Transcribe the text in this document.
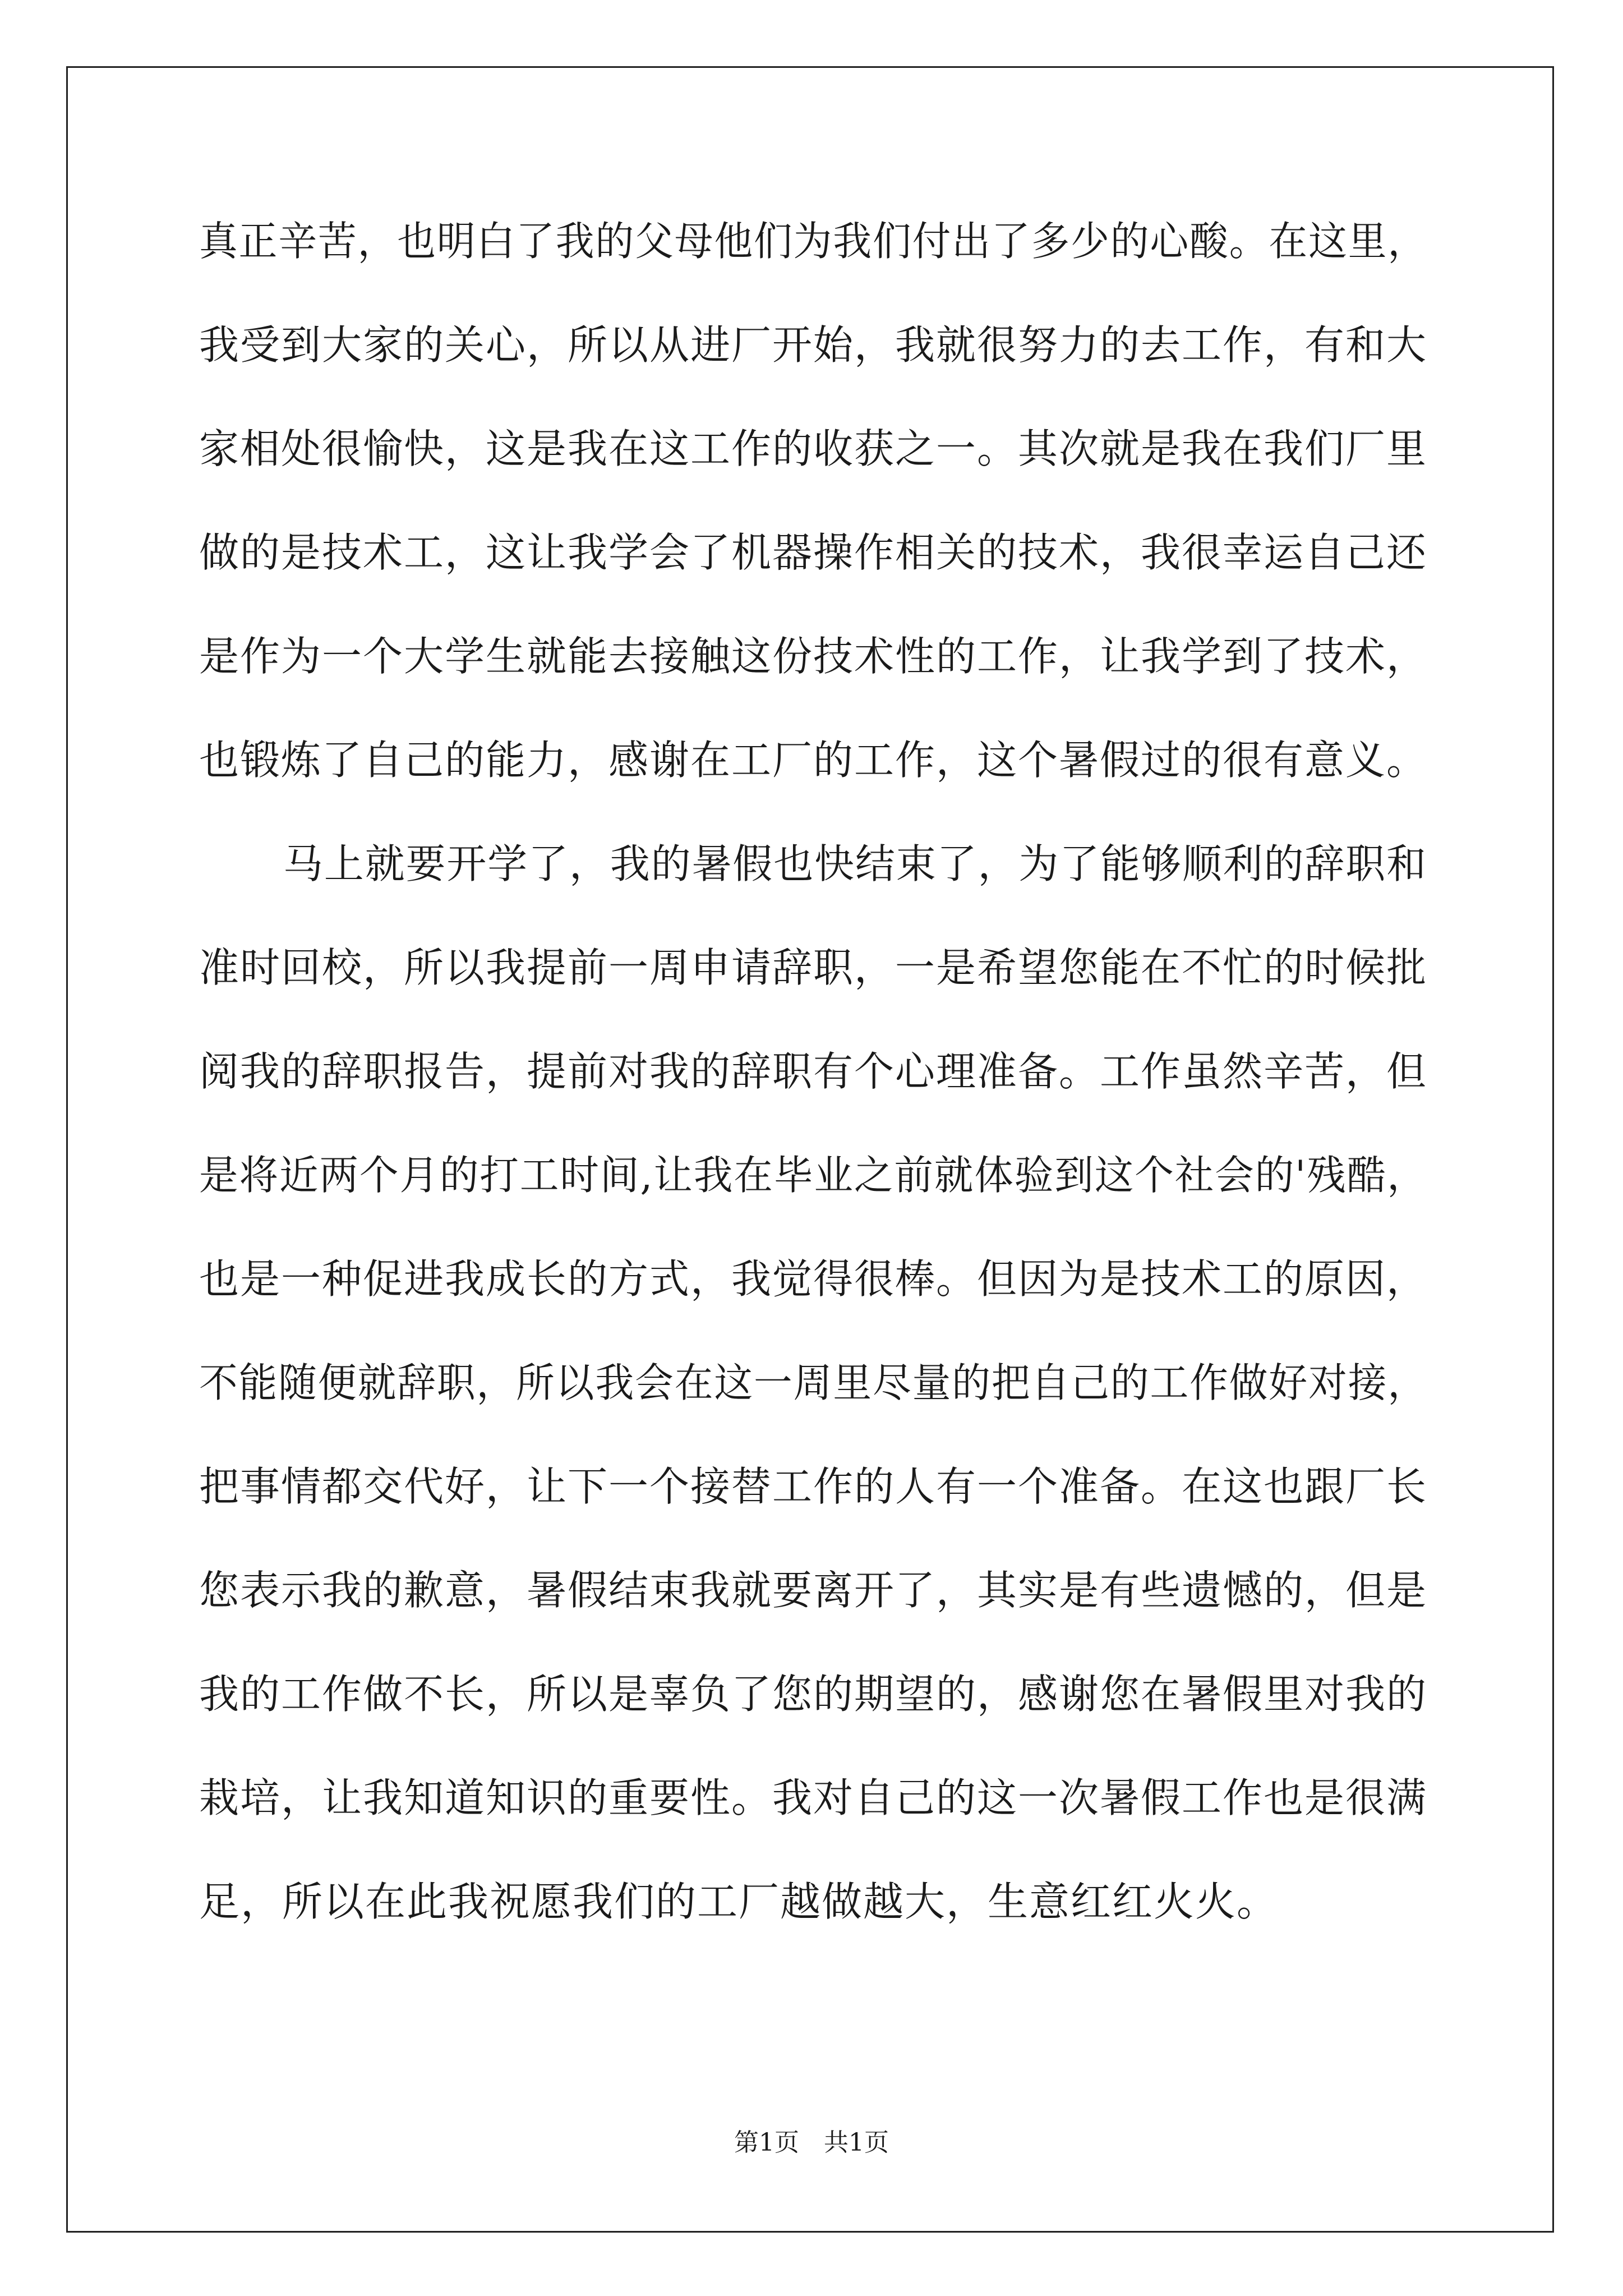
真正辛苦，也明白了我的父母他们为我们付出了多少的心酸。在这里，
我受到大家的关心，所以从进厂开始，我就很努力的去工作，有和大
家相处很愉快，这是我在这工作的收获之一。其次就是我在我们厂里
做的是技术工，这让我学会了机器操作相关的技术，我很幸运自己还
是作为一个大学生就能去接触这份技术性的工作，让我学到了技术，
也锻炼了自己的能力，感谢在工厂的工作，这个暑假过的很有意义。
马上就要开学了，我的暑假也快结束了，为了能够顺利的辞职和
准时回校，所以我提前一周申请辞职，一是希望您能在不忙的时候批
阅我的辞职报告，提前对我的辞职有个心理准备。工作虽然辛苦，但
是将近两个月的打工时间,让我在毕业之前就体验到这个社会的'残酷，
也是一种促进我成长的方式，我觉得很棒。但因为是技术工的原因，
不能随便就辞职，所以我会在这一周里尽量的把自己的工作做好对接，
把事情都交代好，让下一个接替工作的人有一个准备。在这也跟厂长
您表示我的歉意，暑假结束我就要离开了，其实是有些遗憾的，但是
我的工作做不长，所以是辜负了您的期望的，感谢您在暑假里对我的
栽培，让我知道知识的重要性。我对自己的这一次暑假工作也是很满
足，所以在此我祝愿我们的工厂越做越大，生意红红火火。
第1页　共1页
